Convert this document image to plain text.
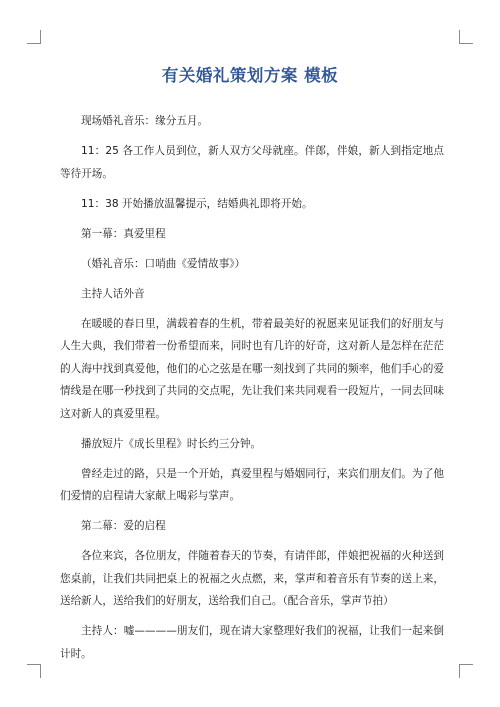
有关婚礼策划方案 模板

现场婚礼音乐：缘分五月。

11：25 各工作人员到位，新人双方父母就座。伴郎，伴娘，新人到指定地点等待开场。

11：38 开始播放温馨提示，结婚典礼即将开始。

第一幕：真爱里程

（婚礼音乐：口哨曲《爱情故事》）

主持人话外音

在暖暖的春日里，满载着春的生机，带着最美好的祝愿来见证我们的好朋友与人生大典，我们带着一份希望而来，同时也有几许的好奇，这对新人是怎样在茫茫的人海中找到真爱他，他们的心之弦是在哪一刻找到了共同的频率，他们手心的爱情线是在哪一秒找到了共同的交点呢，先让我们来共同观看一段短片，一同去回味这对新人的真爱里程。

播放短片《成长里程》时长约三分钟。

曾经走过的路，只是一个开始，真爱里程与婚姻同行，来宾们朋友们。为了他们爱情的启程请大家献上喝彩与掌声。

第二幕：爱的启程

各位来宾，各位朋友，伴随着春天的节奏，有请伴郎，伴娘把祝福的火种送到您桌前，让我们共同把桌上的祝福之火点燃，来，掌声和着音乐有节奏的送上来，送给新人，送给我们的好朋友，送给我们自己。（配合音乐，掌声节拍）

主持人：嘘————朋友们，现在请大家整理好我们的祝福，让我们一起来倒计时。
